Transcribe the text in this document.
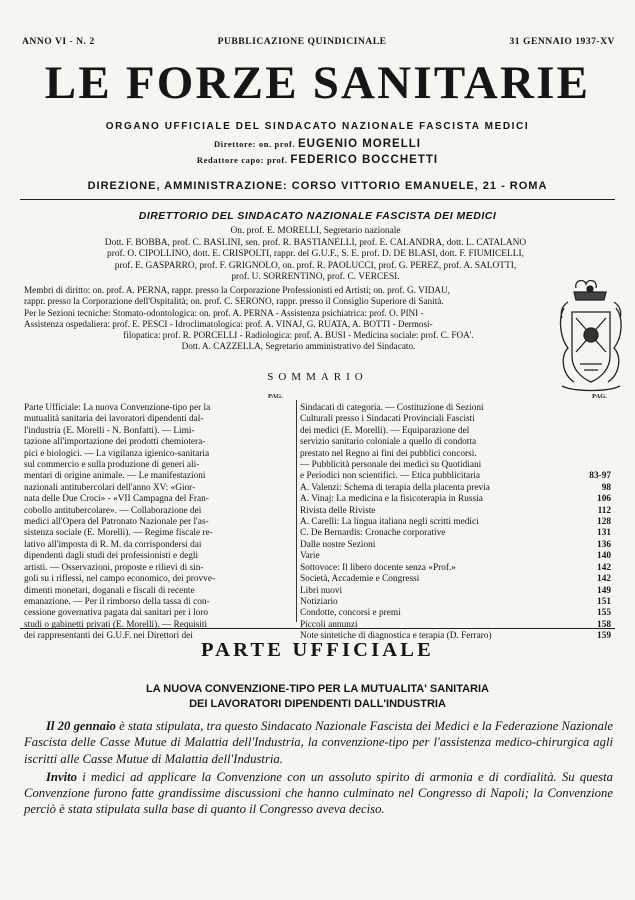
ANNO VI - N. 2	PUBBLICAZIONE QUINDICINALE	31 GENNAIO 1937-XV
LE FORZE SANITARIE
ORGANO UFFICIALE DEL SINDACATO NAZIONALE FASCISTA MEDICI
Direttore: on. prof. EUGENIO MORELLI
Redattore capo: prof. FEDERICO BOCCHETTI
DIREZIONE, AMMINISTRAZIONE: CORSO VITTORIO EMANUELE, 21 - ROMA
DIRETTORIO DEL SINDACATO NAZIONALE FASCISTA DEI MEDICI
On. prof. E. MORELLI, Segretario nazionale
Dott. F. BOBBA, prof. C. BASLINI, sen. prof. R. BASTIANELLI, prof. E. CALANDRA, dott. L. CATALANO
prof. O. CIPOLLINO, dott. E. CRISPOLTI, rappr. del G.U.F., S. E. prof. D. DE BLASI, dott. F. FIUMICELLI,
prof. E. GASPARRO, prof. F. GRIGNOLO, on. prof. R. PAOLUCCI, prof. G. PEREZ, prof. A. SALOTTI,
prof. U. SORRENTINO, prof. C. VERCESI.
Membri di diritto: on. prof. A. PERNA, rappr. presso la Corporazione Professionisti ed Artisti; on. prof. G. VIDAU,
rappr. presso la Corporazione dell'Ospitalità; on. prof. C. SERONO, rappr. presso il Consiglio Superiore di Sanità.
Per le Sezioni tecniche: Stomato-odontologica: on. prof. A. PERNA - Assistenza psichiatrica: prof. O. PINI -
Assistenza ospedaliera: prof. E. PESCI - Idroclimatologica: prof. A. VINAJ, G. RUATA, A. BOTTI - Dermosi-
filopatica: prof. R. PORCELLI - Radiologica: prof. A. BUSI - Medicina sociale: prof. C. FOA'.
Dott. A. CAZZELLA, Segretario amministrativo del Sindacato.
SOMMARIO
PAG.	PAG.
Parte Ufficiale: La nuova Convenzione-tipo per la
mutualità sanitaria dei lavoratori dipendenti dal-
l'industria (E. Morelli - N. Bonfatti). — Limi-
tazione all'importazione dei prodotti chemiotera-
pici e biologici. — La vigilanza igienico-sanitaria
sul commercio e sulla produzione di generi ali-
mentari di origine animale. — Le manifestazioni
nazionali antitubercolari dell'anno XV: «Gior-
nata delle Due Croci» - «VII Campagna del Fran-
cobollo antitubercolare». — Collaborazione dei
medici all'Opera del Patronato Nazionale per l'as-
sistenza sociale (E. Morelli). — Regime fiscale re-
lativo all'imposta di R. M. da corrispondersi dai
dipendenti dagli studi dei professionisti e degli
artisti. — Osservazioni, proposte e rilievi di sin-
goli su i riflessi, nel campo economico, dei provve-
dimenti monetari, doganali e fiscali di recente
emanazione. — Per il rimborso della tassa di con-
cessione governativa pagata dai sanitari per i loro
studi o gabinetti privati (E. Morelli). — Requisiti
dei rappresentanti dei G.U.F. nei Direttori dei
Sindacati di categoria. — Costituzione di Sezioni
Culturali presso i Sindacati Provinciali Fascisti
dei medici (E. Morelli). — Equiparazione del
servizio sanitario coloniale a quello di condotta
prestato nel Regno ai fini dei pubblici concorsi.
— Pubblicità personale dei medici su Quotidiani
e Periodici non scientifici. — Etica pubblicitaria	83-97
A. Valenzi: Schema di terapia della placenta previa	98
A. Vinaj: La medicina e la fisicoterapia in Russia	106
Rivista delle Riviste	112
A. Carelli: La lingua italiana negli scritti medici	128
C. De Bernardis: Cronache corporative	131
Dalle nostre Sezioni	136
Varie	140
Sottovoce: Il libero docente senza «Prof.»	142
Società, Accademie e Congressi	142
Libri nuovi	149
Notiziario	151
Condotte, concorsi e premi	155
Piccoli annunzi	158
Note sintetiche di diagnostica e terapia (D. Ferraro)	159
PARTE UFFICIALE
LA NUOVA CONVENZIONE-TIPO PER LA MUTUALITA' SANITARIA
DEI LAVORATORI DIPENDENTI DALL'INDUSTRIA

Il 20 gennaio è stata stipulata, tra questo Sindacato Nazionale Fascista dei Medici e la Federazione Nazionale Fascista delle Casse Mutue di Malattia dell'Industria, la convenzione-tipo per l'assistenza medico-chirurgica agli iscritti alle Casse Mutue di Malattia dell'Industria.

Invito i medici ad applicare la Convenzione con un assoluto spirito di armonia e di cordialità. Su questa Convenzione furono fatte grandissime discussioni che hanno culminato nel Congresso di Napoli; la Convenzione perciò è stata stipulata sulla base di quanto il Congresso aveva deciso.
